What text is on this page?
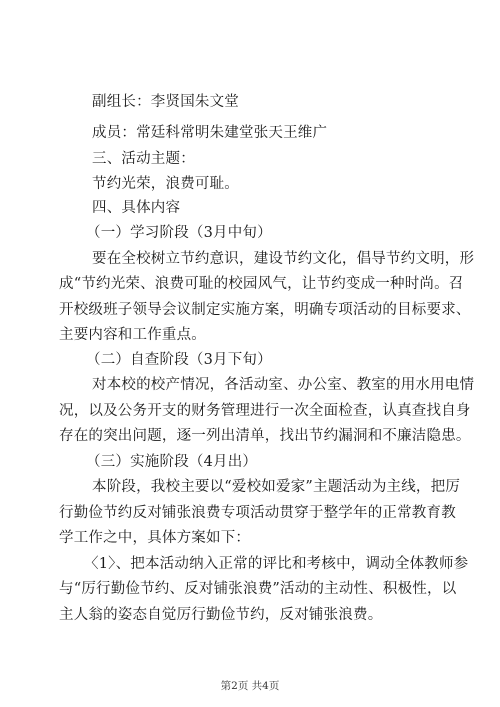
副组长：李贤国朱文堂
成员：常廷科常明朱建堂张天王维广
三、活动主题：
节约光荣，浪费可耻。
四、具体内容
（一）学习阶段（3月中旬）
要在全校树立节约意识，建设节约文化，倡导节约文明，形
成“节约光荣、浪费可耻的校园风气，让节约变成一种时尚。召
开校级班子领导会议制定实施方案，明确专项活动的目标要求、
主要内容和工作重点。
（二）自查阶段（3月下旬）
对本校的校产情况，各活动室、办公室、教室的用水用电情
况，以及公务开支的财务管理进行一次全面检查，认真查找自身
存在的突出问题，逐一列出清单，找出节约漏洞和不廉洁隐患。
（三）实施阶段（4月出）
本阶段，我校主要以“爱校如爱家”主题活动为主线，把厉
行勤俭节约反对铺张浪费专项活动贯穿于整学年的正常教育教
学工作之中，具体方案如下：
〈1〉、把本活动纳入正常的评比和考核中，调动全体教师参
与“厉行勤俭节约、反对铺张浪费”活动的主动性、积极性，以
主人翁的姿态自觉厉行勤俭节约，反对铺张浪费。
第2页 共4页
